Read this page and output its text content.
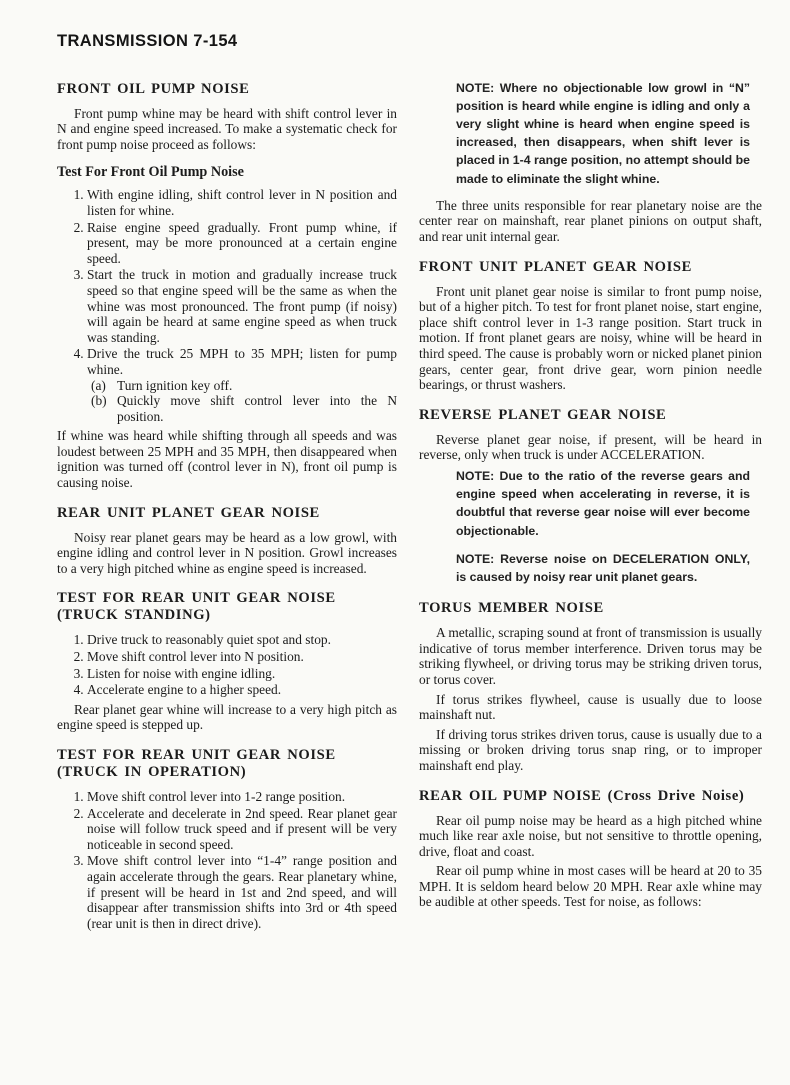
TRANSMISSION 7-154
FRONT OIL PUMP NOISE

Front pump whine may be heard with shift control lever in N and engine speed increased. To make a systematic check for front pump noise proceed as follows:

Test For Front Oil Pump Noise
1. With engine idling, shift control lever in N position and listen for whine.
2. Raise engine speed gradually. Front pump whine, if present, may be more pronounced at a certain engine speed.
3. Start the truck in motion and gradually increase truck speed so that engine speed will be the same as when the whine was most pronounced. The front pump (if noisy) will again be heard at same engine speed as when truck was standing.
4. Drive the truck 25 MPH to 35 MPH; listen for pump whine.
(a) Turn ignition key off.
(b) Quickly move shift control lever into the N position.

If whine was heard while shifting through all speeds and was loudest between 25 MPH and 35 MPH, then disappeared when ignition was turned off (control lever in N), front oil pump is causing noise.

REAR UNIT PLANET GEAR NOISE

Noisy rear planet gears may be heard as a low growl, with engine idling and control lever in N position. Growl increases to a very high pitched whine as engine speed is increased.

TEST FOR REAR UNIT GEAR NOISE
(TRUCK STANDING)
1. Drive truck to reasonably quiet spot and stop.
2. Move shift control lever into N position.
3. Listen for noise with engine idling.
4. Accelerate engine to a higher speed.

Rear planet gear whine will increase to a very high pitch as engine speed is stepped up.

TEST FOR REAR UNIT GEAR NOISE
(TRUCK IN OPERATION)
1. Move shift control lever into 1-2 range position.
2. Accelerate and decelerate in 2nd speed. Rear planet gear noise will follow truck speed and if present will be very noticeable in second speed.
3. Move shift control lever into “1-4” range position and again accelerate through the gears. Rear planetary whine, if present will be heard in 1st and 2nd speed, and will disappear after transmission shifts into 3rd or 4th speed (rear unit is then in direct drive).
NOTE: Where no objectionable low growl in “N” position is heard while engine is idling and only a very slight whine is heard when engine speed is increased, then disappears, when shift lever is placed in 1-4 range position, no attempt should be made to eliminate the slight whine.

The three units responsible for rear planetary noise are the center rear on mainshaft, rear planet pinions on output shaft, and rear unit internal gear.

FRONT UNIT PLANET GEAR NOISE

Front unit planet gear noise is similar to front pump noise, but of a higher pitch. To test for front planet noise, start engine, place shift control lever in 1-3 range position. Start truck in motion. If front planet gears are noisy, whine will be heard in third speed. The cause is probably worn or nicked planet pinion gears, center gear, front drive gear, worn pinion needle bearings, or thrust washers.

REVERSE PLANET GEAR NOISE

Reverse planet gear noise, if present, will be heard in reverse, only when truck is under ACCELERATION.

NOTE: Due to the ratio of the reverse gears and engine speed when accelerating in reverse, it is doubtful that reverse gear noise will ever become objectionable.
NOTE: Reverse noise on DECELERATION ONLY, is caused by noisy rear unit planet gears.
TORUS MEMBER NOISE

A metallic, scraping sound at front of transmission is usually indicative of torus member interference. Driven torus may be striking flywheel, or driving torus may be striking driven torus, or torus cover.

If torus strikes flywheel, cause is usually due to loose mainshaft nut.

If driving torus strikes driven torus, cause is usually due to a missing or broken driving torus snap ring, or to improper mainshaft end play.

REAR OIL PUMP NOISE (Cross Drive Noise)

Rear oil pump noise may be heard as a high pitched whine much like rear axle noise, but not sensitive to throttle opening, drive, float and coast.

Rear oil pump whine in most cases will be heard at 20 to 35 MPH. It is seldom heard below 20 MPH. Rear axle whine may be audible at other speeds. Test for noise, as follows:
